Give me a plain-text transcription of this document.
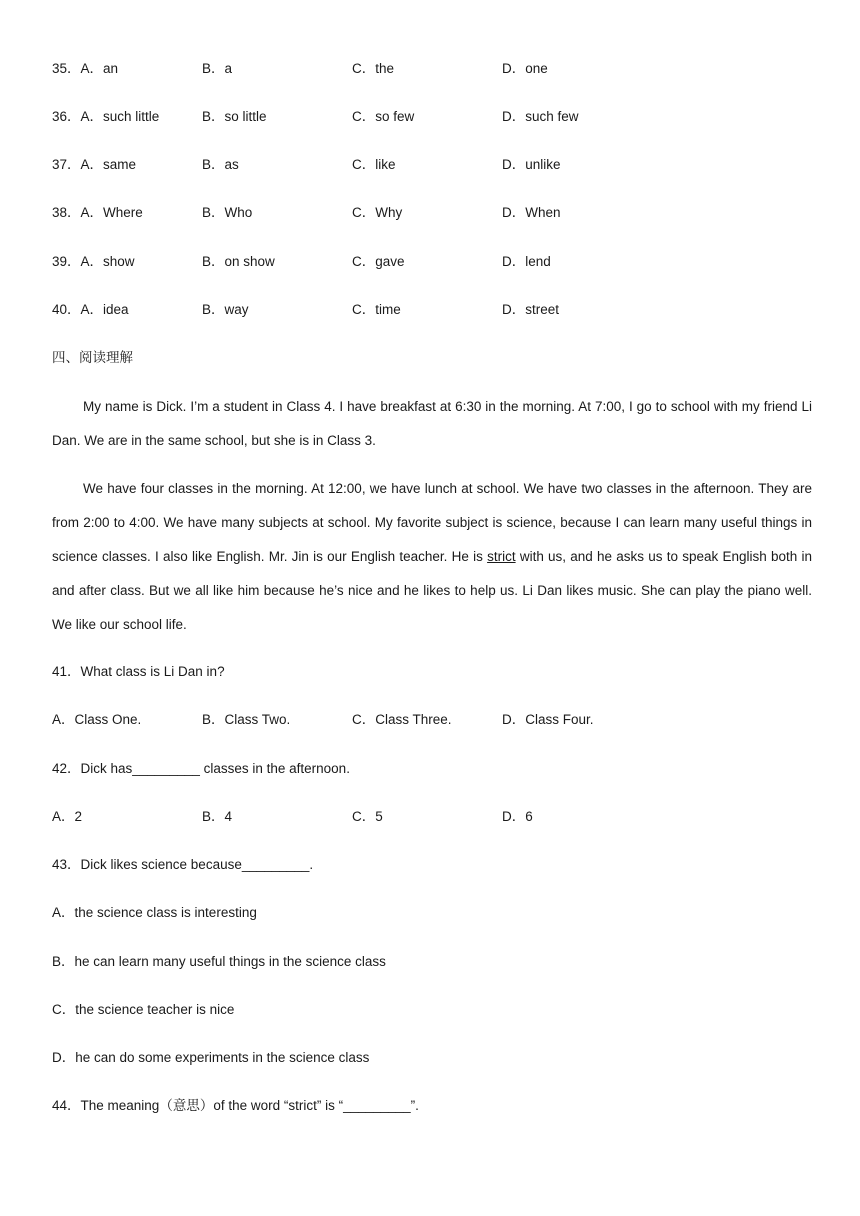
35．A．an	B．a	C．the	D．one
36．A．such little	B．so little	C．so few	D．such few
37．A．same	B．as	C．like	D．unlike
38．A．Where	B．Who	C．Why	D．When
39．A．show	B．on show	C．gave	D．lend
40．A．idea	B．way	C．time	D．street
四、阅读理解
My name is Dick. I’m a student in Class 4. I have breakfast at 6:30 in the morning. At 7:00, I go to school with my friend Li Dan. We are in the same school, but she is in Class 3.
We have four classes in the morning. At 12:00, we have lunch at school. We have two classes in the afternoon. They are from 2:00 to 4:00. We have many subjects at school. My favorite subject is science, because I can learn many useful things in science classes. I also like English. Mr. Jin is our English teacher. He is strict with us, and he asks us to speak English both in and after class. But we all like him because he’s nice and he likes to help us. Li Dan likes music. She can play the piano well. We like our school life.
41．What class is Li Dan in?
A．Class One.	B．Class Two.	C．Class Three.	D．Class Four.
42．Dick has_________ classes in the afternoon.
A．2	B．4	C．5	D．6
43．Dick likes science because_________.
A．the science class is interesting
B．he can learn many useful things in the science class
C．the science teacher is nice
D．he can do some experiments in the science class
44．The meaning（意思）of the word “strict” is “_________”.
